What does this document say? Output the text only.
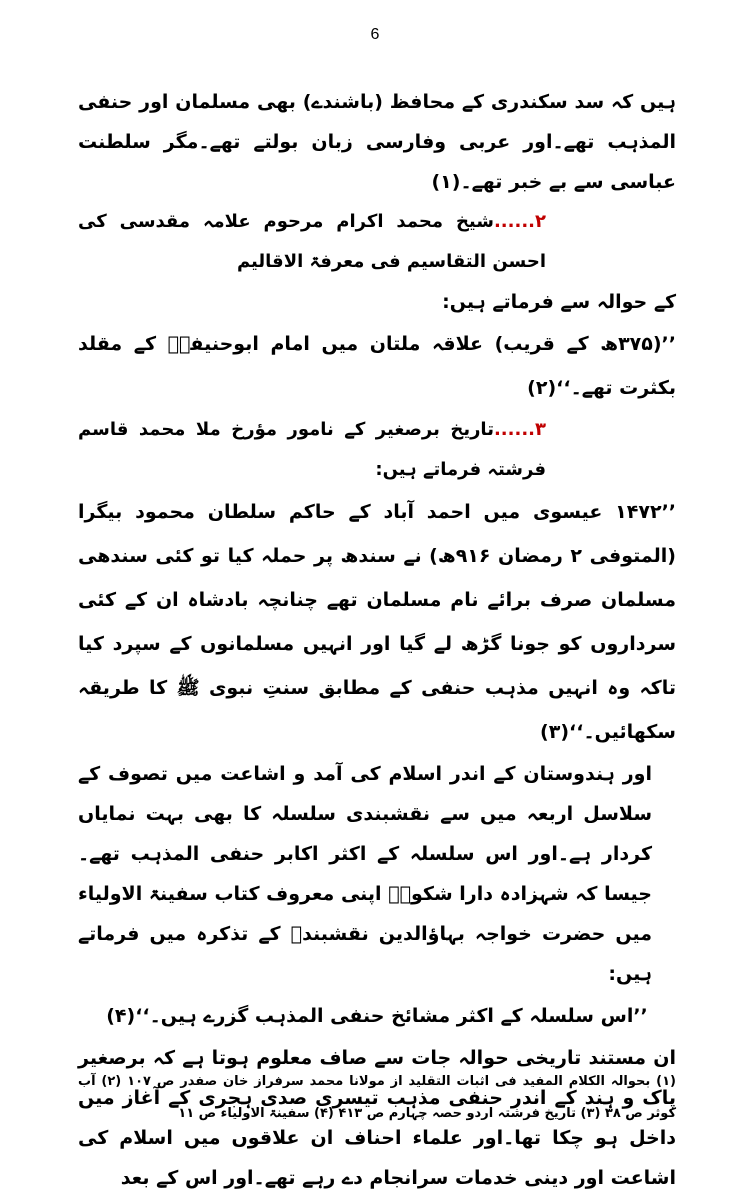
6

ہیں کہ سد سکندری کے محافظ (باشندے) بھی مسلمان اور حنفی المذہب تھے۔اور عربی وفارسی زبان بولتے تھے۔مگر سلطنت عباسی سے بے خبر تھے۔(۱)

۲......شیخ محمد اکرام مرحوم علامہ مقدسی کی احسن التقاسیم فی معرفۃ الاقالیم

کے حوالہ سے فرماتے ہیں:

’’(۳۷۵ھ کے قریب) علاقہ ملتان میں امام ابوحنیفہؒ کے مقلد بکثرت تھے۔‘‘(۲)

۳......تاریخ برصغیر کے نامور مؤرخ ملا محمد قاسم فرشتہ فرماتے ہیں:

’’۱۴۷۲ عیسوی میں احمد آباد کے حاکم سلطان محمود بیگرا (المتوفی ۲ رمضان ۹۱۶ھ) نے سندھ پر حملہ کیا تو کئی سندھی مسلمان صرف برائے نام مسلمان تھے چنانچہ بادشاہ ان کے کئی سرداروں کو جونا گڑھ لے گیا اور انہیں مسلمانوں کے سپرد کیا تاکہ وہ انہیں مذہب حنفی کے مطابق سنتِ نبوی ﷺ کا طریقہ سکھائیں۔‘‘(۳)

اور ہندوستان کے اندر اسلام کی آمد و اشاعت میں تصوف کے سلاسل اربعہ میں سے نقشبندی سلسلہ کا بھی بہت نمایاں کردار ہے۔اور اس سلسلہ کے اکثر اکابر حنفی المذہب تھے۔جیسا کہ شہزادہ دارا شکوہؒ اپنی معروف کتاب سفینۃ الاولیاء میں حضرت خواجہ بہاؤالدین نقشبندؒ کے تذکرہ میں فرماتے ہیں:

’’اس سلسلہ کے اکثر مشائخ حنفی المذہب گزرے ہیں۔‘‘(۴)

ان مستند تاریخی حوالہ جات سے صاف معلوم ہوتا ہے کہ برصغیر پاک و ہند کے اندر حنفی مذہب تیسری صدی ہجری کے آغاز میں داخل ہو چکا تھا۔اور علماء احناف ان علاقوں میں اسلام کی اشاعت اور دینی خدمات سرانجام دے رہے تھے۔اور اس کے بعد

(۱) بحوالہ الکلام المفید فی اثبات التقلید از مولانا محمد سرفراز خان صفدر ص ۱۰۷ (۲) آب کوثر ص ۳۸ (۳) تاریخ فرشتہ اردو حصہ چہارم ص ۴۱۳ (۴) سفینۃ الاولیاء ص ۱۱
